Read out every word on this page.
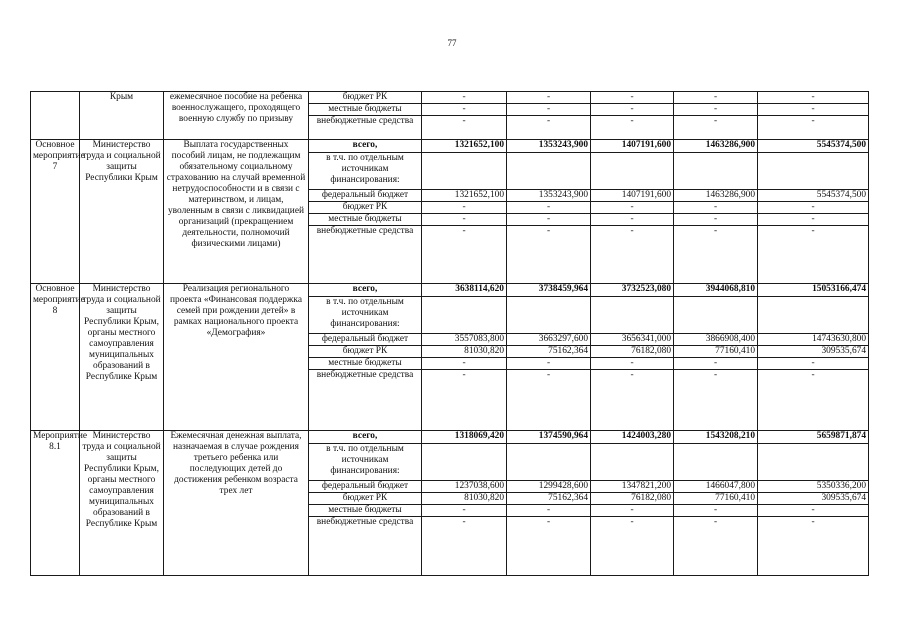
77
	Крым	ежемесячное пособие на ребенка военнослужащего, проходящего военную службу по призыву	бюджет РК	-	-	-	-	-
			местные бюджеты	-	-	-	-	-
			внебюджетные средства	-	-	-	-	-
Основное мероприятие 7	Министерство труда и социальной защиты Республики Крым	Выплата государственных пособий лицам, не подлежащим обязательному социальному страхованию на случай временной нетрудоспособности и в связи с материнством, и лицам, уволенным в связи с ликвидацией организаций (прекращением деятельности, полномочий физическими лицами)	всего,	1321652,100	1353243,900	1407191,600	1463286,900	5545374,500
			в т.ч. по отдельным источникам финансирования:					
			федеральный бюджет	1321652,100	1353243,900	1407191,600	1463286,900	5545374,500
			бюджет РК	-	-	-	-	-
			местные бюджеты	-	-	-	-	-
			внебюджетные средства	-	-	-	-	-
Основное мероприятие 8	Министерство труда и социальной защиты Республики Крым, органы местного самоуправления муниципальных образований в Республике Крым	Реализация регионального проекта «Финансовая поддержка семей при рождении детей» в рамках национального проекта «Демография»	всего,	3638114,620	3738459,964	3732523,080	3944068,810	15053166,474
			в т.ч. по отдельным источникам финансирования:					
			федеральный бюджет	3557083,800	3663297,600	3656341,000	3866908,400	14743630,800
			бюджет РК	81030,820	75162,364	76182,080	77160,410	309535,674
			местные бюджеты	-	-	-	-	-
			внебюджетные средства	-	-	-	-	-
Мероприятие 8.1	Министерство труда и социальной защиты Республики Крым, органы местного самоуправления муниципальных образований в Республике Крым	Ежемесячная денежная выплата, назначаемая в случае рождения третьего ребенка или последующих детей до достижения ребенком возраста трех лет	всего,	1318069,420	1374590,964	1424003,280	1543208,210	5659871,874
			в т.ч. по отдельным источникам финансирования:					
			федеральный бюджет	1237038,600	1299428,600	1347821,200	1466047,800	5350336,200
			бюджет РК	81030,820	75162,364	76182,080	77160,410	309535,674
			местные бюджеты	-	-	-	-	-
			внебюджетные средства	-	-	-	-	-
